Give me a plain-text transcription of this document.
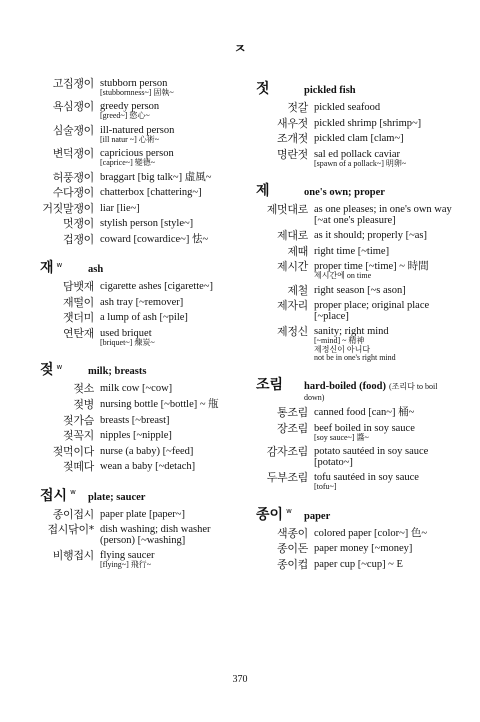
ㅈ
고집쟁이 stubborn person
[stubbornness~] 固執~
욕심쟁이 greedy person
[greed~] 慾心~
심술쟁이 ill-natured person
[ill natur ~] 心術~
변덕쟁이 capricious person
[caprice~] 變德~
허풍쟁이 braggart [big talk~] 虛風~
수다쟁이 chatterbox [chattering~]
거짓말쟁이 liar [lie~]
멋쟁이 stylish person [style~]
겁쟁이 coward [cowardice~] 怯~
재 $^w$	ash
담뱃재 cigarette ashes [cigarette~]
재떨이 ash tray [~remover]
잿더미 a lump of ash [~pile]
연탄재 used briquet
[briquet~] 煉炭~
젖 $^w$	milk; breasts
젖소 milk cow [~cow]
젖병 nursing bottle [~bottle] ~ 甁
젖가슴 breasts [~breast]
젖꼭지 nipples [~nipple]
젖먹이다 nurse (a baby) [~feed]
젖떼다 wean a baby [~detach]
접시 $^w$	plate; saucer
종이접시 paper plate [paper~]
접시닦이* dish washing; dish washer (person) [~washing]
비행접시 flying saucer
[flying~] 飛行~
젓	pickled fish
젓갈 pickled seafood
새우젓 pickled shrimp [shrimp~]
조개젓 pickled clam [clam~]
명란젓 sal ed pollack caviar
[spawn of a pollack~] 明卵~
제	one's own; proper
제멋대로 as one pleases; in one's own way [~at one's pleasure]
제대로 as it should; properly [~as]
제때 right time [~time]
제시간 proper time [~time] ~ 時間
제시간에 on time
제철 right season [~s ason]
제자리 proper place; original place [~place]
제정신 sanity; right mind
[~mind] ~ 精神
제정신이 아니다
not be in one's right mind
조림	hard-boiled (food) (조리다 to boil down)
통조림 canned food [can~] 桶~
장조림 beef boiled in soy sauce
[soy sauce~] 醬~
감자조림 potato sautéed in soy sauce [potato~]
두부조림 tofu sautéed in soy sauce
[tofu~]
종이 $^w$	paper
색종이 colored paper [color~] 色~
종이돈 paper money [~money]
종이컵 paper cup [~cup] ~ E
370
